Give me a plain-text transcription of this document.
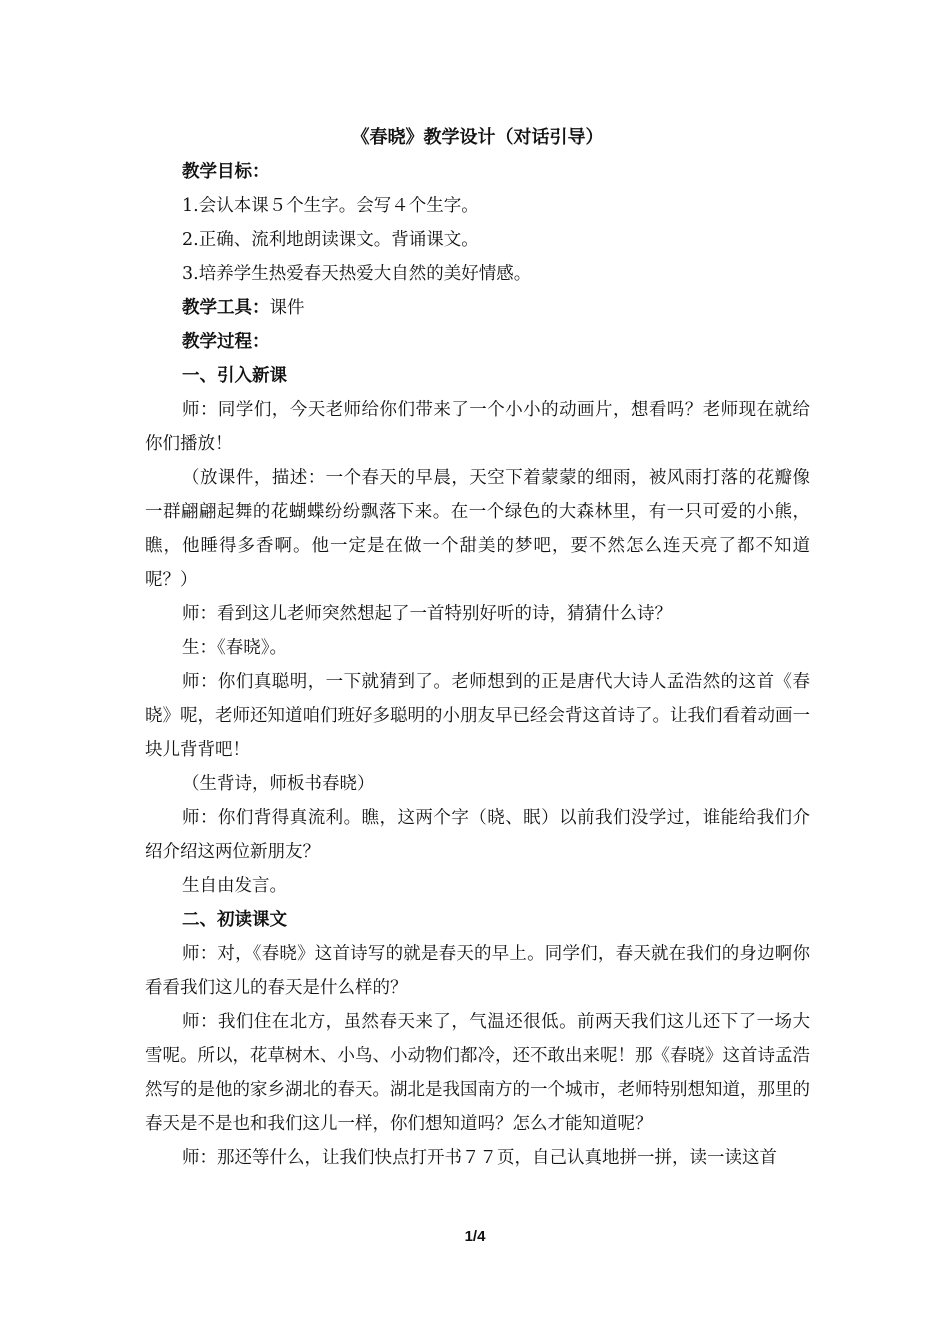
《春晓》教学设计（对话引导）

教学目标：

1.会认本课５个生字。会写４个生字。

2.正确、流利地朗读课文。背诵课文。

3.培养学生热爱春天热爱大自然的美好情感。

教学工具：课件

教学过程：

一、引入新课

师：同学们，今天老师给你们带来了一个小小的动画片，想看吗？老师现在就给你们播放！

（放课件，描述：一个春天的早晨，天空下着蒙蒙的细雨，被风雨打落的花瓣像一群翩翩起舞的花蝴蝶纷纷飘落下来。在一个绿色的大森林里，有一只可爱的小熊，瞧，他睡得多香啊。他一定是在做一个甜美的梦吧，要不然怎么连天亮了都不知道呢？）

师：看到这儿老师突然想起了一首特别好听的诗，猜猜什么诗？

生：《春晓》。

师：你们真聪明，一下就猜到了。老师想到的正是唐代大诗人孟浩然的这首《春晓》呢，老师还知道咱们班好多聪明的小朋友早已经会背这首诗了。让我们看着动画一块儿背背吧！

（生背诗，师板书春晓）

师：你们背得真流利。瞧，这两个字（晓、眠）以前我们没学过，谁能给我们介绍介绍这两位新朋友？

生自由发言。

二、初读课文

师：对，《春晓》这首诗写的就是春天的早上。同学们，春天就在我们的身边啊你看看我们这儿的春天是什么样的？

师：我们住在北方，虽然春天来了，气温还很低。前两天我们这儿还下了一场大雪呢。所以，花草树木、小鸟、小动物们都冷，还不敢出来呢！那《春晓》这首诗孟浩然写的是他的家乡湖北的春天。湖北是我国南方的一个城市，老师特别想知道，那里的春天是不是也和我们这儿一样，你们想知道吗？怎么才能知道呢？

师：那还等什么，让我们快点打开书７７页，自己认真地拼一拼，读一读这首

1/4
